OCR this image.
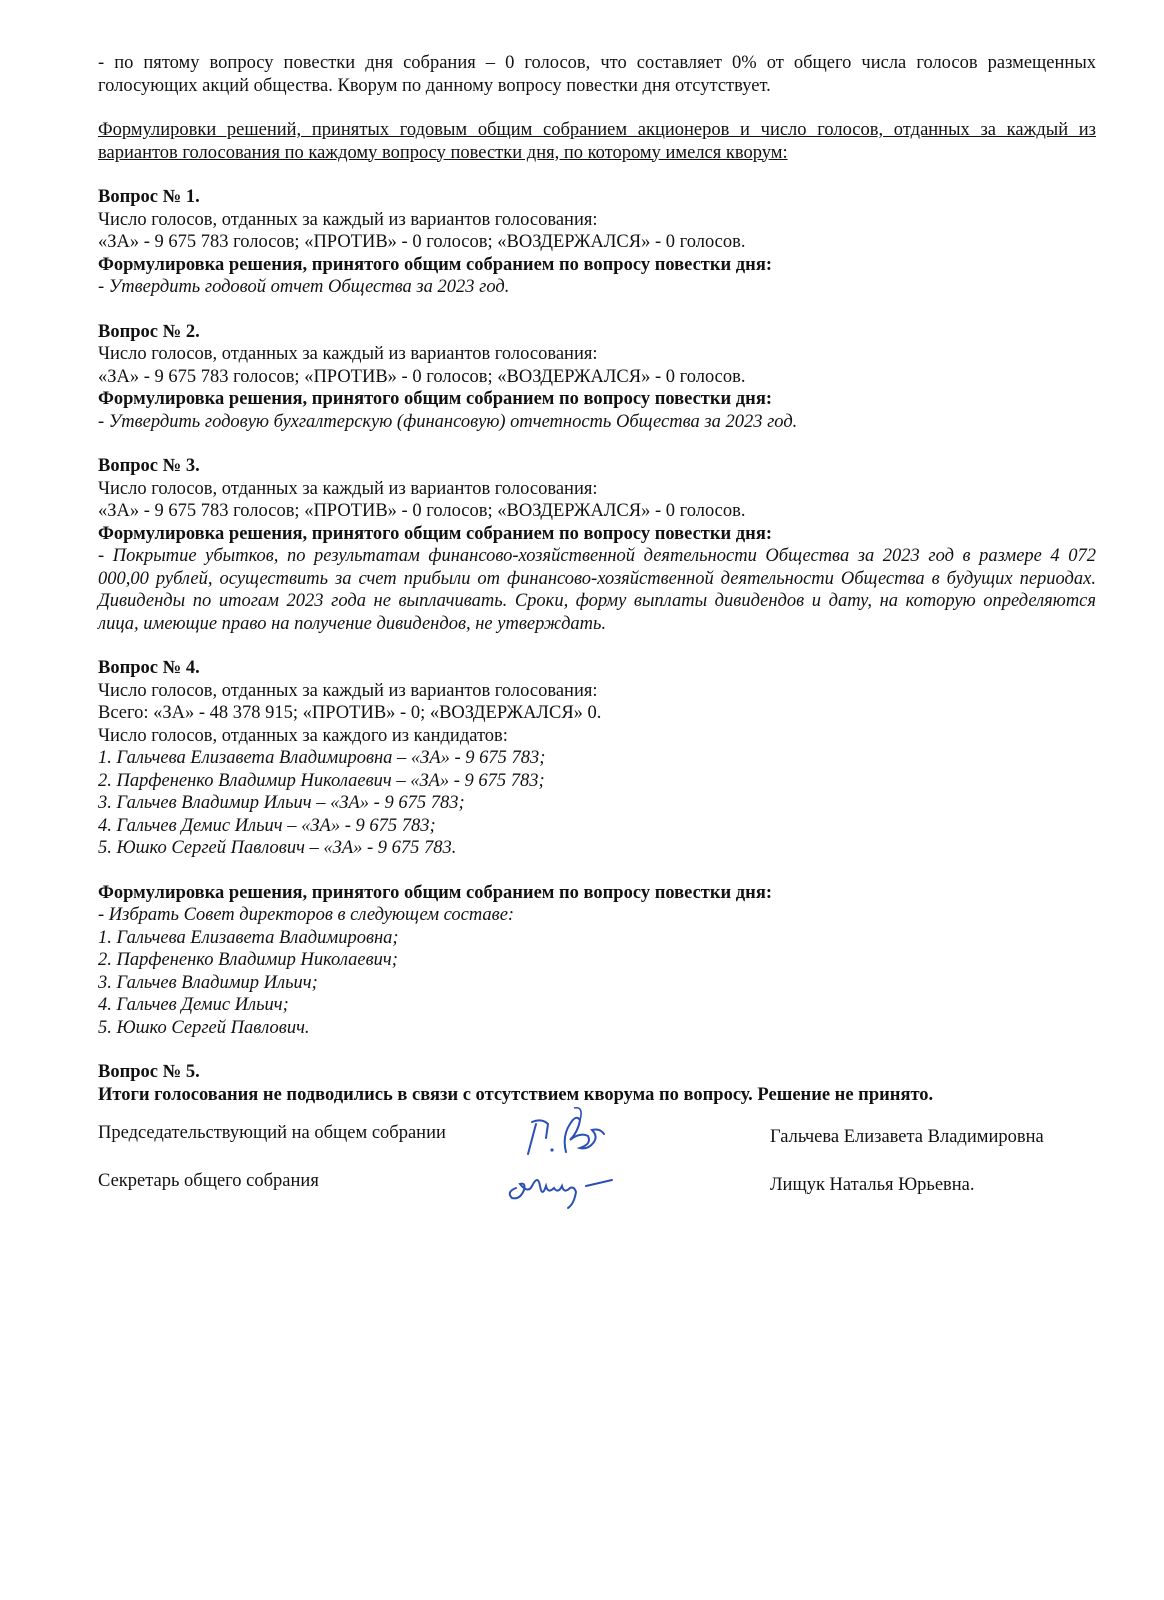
- по пятому вопросу повестки дня собрания – 0 голосов, что составляет 0% от общего числа голосов размещенных голосующих акций общества. Кворум по данному вопросу повестки дня отсутствует.

Формулировки решений, принятых годовым общим собранием акционеров и число голосов, отданных за каждый из вариантов голосования по каждому вопросу повестки дня, по которому имелся кворум:

Вопрос № 1.

Число голосов, отданных за каждый из вариантов голосования:

«ЗА» - 9 675 783 голосов; «ПРОТИВ» - 0 голосов; «ВОЗДЕРЖАЛСЯ» - 0 голосов.

Формулировка решения, принятого общим собранием по вопросу повестки дня:

- Утвердить годовой отчет Общества за 2023 год.

Вопрос № 2.

Число голосов, отданных за каждый из вариантов голосования:

«ЗА» - 9 675 783 голосов; «ПРОТИВ» - 0 голосов; «ВОЗДЕРЖАЛСЯ» - 0 голосов.

Формулировка решения, принятого общим собранием по вопросу повестки дня:

- Утвердить годовую бухгалтерскую (финансовую) отчетность Общества за 2023 год.

Вопрос № 3.

Число голосов, отданных за каждый из вариантов голосования:

«ЗА» - 9 675 783 голосов; «ПРОТИВ» - 0 голосов; «ВОЗДЕРЖАЛСЯ» - 0 голосов.

Формулировка решения, принятого общим собранием по вопросу повестки дня:

- Покрытие убытков, по результатам финансово-хозяйственной деятельности Общества за 2023 год в размере 4 072 000,00 рублей, осуществить за счет прибыли от финансово-хозяйственной деятельности Общества в будущих периодах. Дивиденды по итогам 2023 года не выплачивать. Сроки, форму выплаты дивидендов и дату, на которую определяются лица, имеющие право на получение дивидендов, не утверждать.

Вопрос № 4.

Число голосов, отданных за каждый из вариантов голосования:

Всего: «ЗА» - 48 378 915; «ПРОТИВ» - 0; «ВОЗДЕРЖАЛСЯ» 0.

Число голосов, отданных за каждого из кандидатов:

1. Гальчева Елизавета Владимировна – «ЗА» - 9 675 783;

2. Парфененко Владимир Николаевич – «ЗА» - 9 675 783;

3. Гальчев Владимир Ильич – «ЗА» - 9 675 783;

4. Гальчев Демис Ильич – «ЗА» - 9 675 783;

5. Юшко Сергей Павлович – «ЗА» - 9 675 783.

Формулировка решения, принятого общим собранием по вопросу повестки дня:

- Избрать Совет директоров в следующем составе:

1. Гальчева Елизавета Владимировна;

2. Парфененко Владимир Николаевич;

3. Гальчев Владимир Ильич;

4. Гальчев Демис Ильич;

5. Юшко Сергей Павлович.

Вопрос № 5.

Итоги голосования не подводились в связи с отсутствием кворума по вопросу. Решение не принято.

Председательствующий на общем собрании	Гальчева Елизавета Владимировна
Секретарь общего собрания	Лищук Наталья Юрьевна.
